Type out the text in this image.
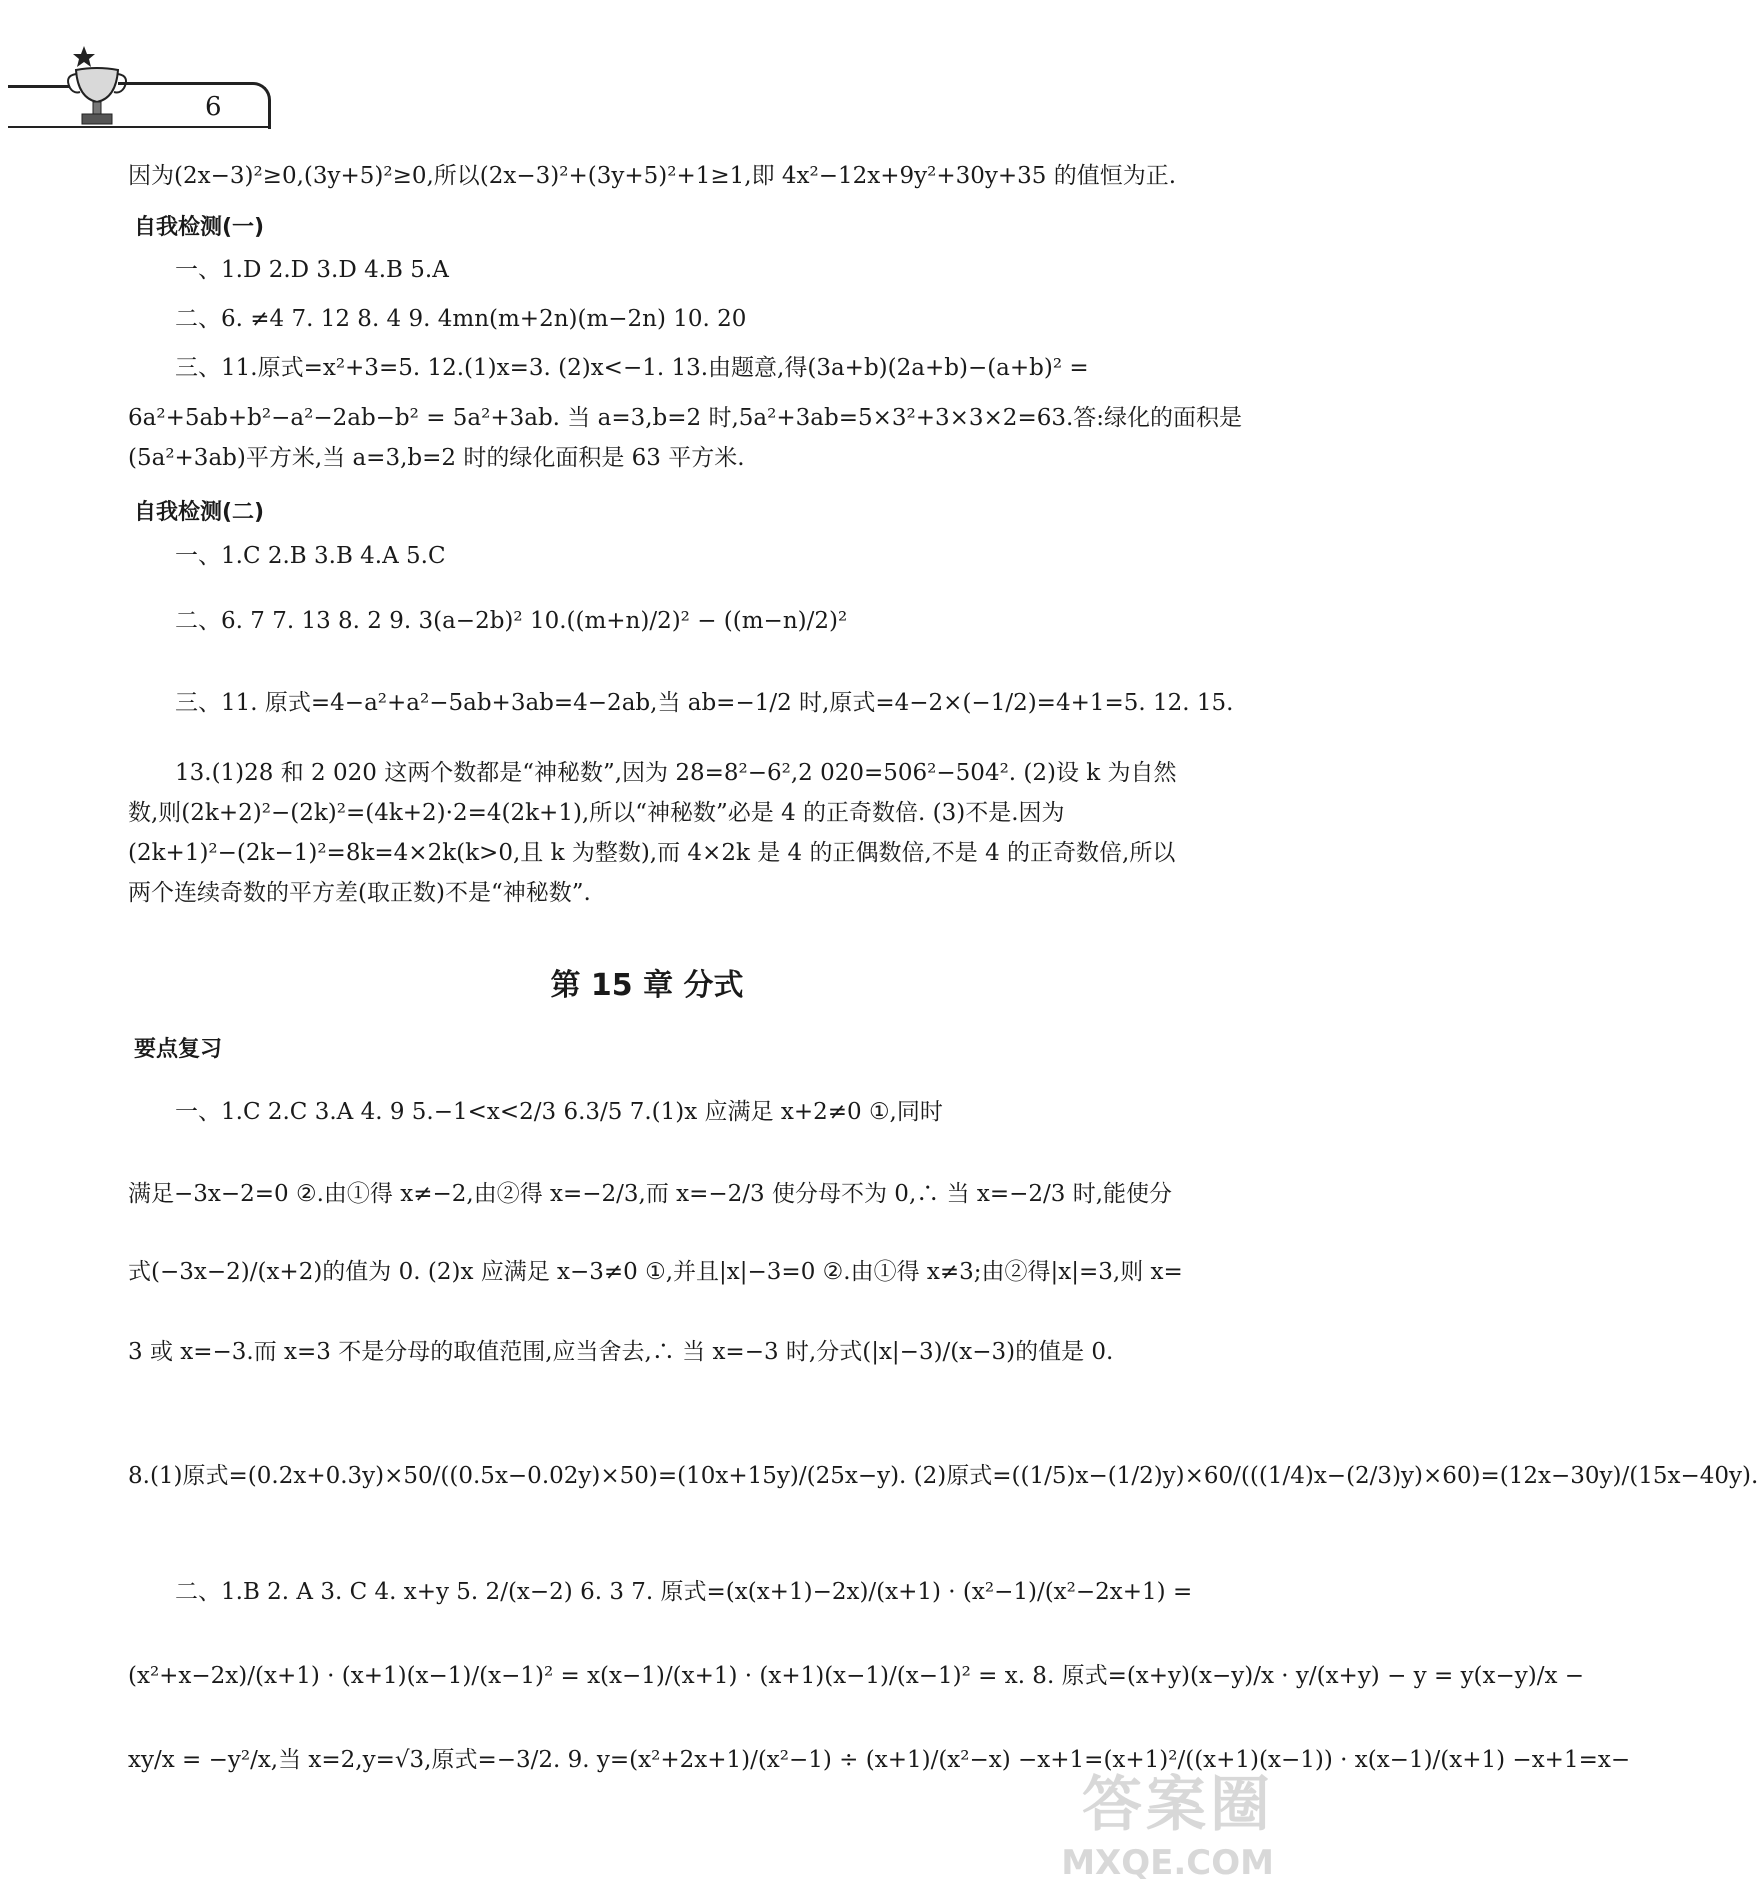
6
因为(2x−3)²≥0,(3y+5)²≥0,所以(2x−3)²+(3y+5)²+1≥1,即 4x²−12x+9y²+30y+35 的值恒为正.
自我检测(一)
一、1.D 2.D 3.D 4.B 5.A
二、6. ≠4 7. 12 8. 4 9. 4mn(m+2n)(m−2n) 10. 20
三、11.原式=x²+3=5. 12.(1)x=3. (2)x<−1. 13.由题意,得(3a+b)(2a+b)−(a+b)² =
6a²+5ab+b²−a²−2ab−b² = 5a²+3ab. 当 a=3,b=2 时,5a²+3ab=5×3²+3×3×2=63.答:绿化的面积是
(5a²+3ab)平方米,当 a=3,b=2 时的绿化面积是 63 平方米.
自我检测(二)
一、1.C 2.B 3.B 4.A 5.C
二、6. 7 7. 13 8. 2 9. 3(a−2b)² 10.((m+n)/2)² − ((m−n)/2)²
三、11. 原式=4−a²+a²−5ab+3ab=4−2ab,当 ab=−1/2 时,原式=4−2×(−1/2)=4+1=5. 12. 15.
13.(1)28 和 2 020 这两个数都是“神秘数”,因为 28=8²−6²,2 020=506²−504². (2)设 k 为自然
数,则(2k+2)²−(2k)²=(4k+2)·2=4(2k+1),所以“神秘数”必是 4 的正奇数倍. (3)不是.因为
(2k+1)²−(2k−1)²=8k=4×2k(k>0,且 k 为整数),而 4×2k 是 4 的正偶数倍,不是 4 的正奇数倍,所以
两个连续奇数的平方差(取正数)不是“神秘数”.
第 15 章 分式
要点复习
一、1.C 2.C 3.A 4. 9 5.−1<x<2/3 6.3/5 7.(1)x 应满足 x+2≠0 ①,同时
满足−3x−2=0 ②.由①得 x≠−2,由②得 x=−2/3,而 x=−2/3 使分母不为 0,∴ 当 x=−2/3 时,能使分
式(−3x−2)/(x+2)的值为 0. (2)x 应满足 x−3≠0 ①,并且|x|−3=0 ②.由①得 x≠3;由②得|x|=3,则 x=
3 或 x=−3.而 x=3 不是分母的取值范围,应当舍去,∴ 当 x=−3 时,分式(|x|−3)/(x−3)的值是 0.
8.(1)原式=(0.2x+0.3y)×50/((0.5x−0.02y)×50)=(10x+15y)/(25x−y). (2)原式=((1/5)x−(1/2)y)×60/(((1/4)x−(2/3)y)×60)=(12x−30y)/(15x−40y).
二、1.B 2. A 3. C 4. x+y 5. 2/(x−2) 6. 3 7. 原式=(x(x+1)−2x)/(x+1) · (x²−1)/(x²−2x+1) =
(x²+x−2x)/(x+1) · (x+1)(x−1)/(x−1)² = x(x−1)/(x+1) · (x+1)(x−1)/(x−1)² = x. 8. 原式=(x+y)(x−y)/x · y/(x+y) − y = y(x−y)/x −
xy/x = −y²/x,当 x=2,y=√3,原式=−3/2. 9. y=(x²+2x+1)/(x²−1) ÷ (x+1)/(x²−x) −x+1=(x+1)²/((x+1)(x−1)) · x(x−1)/(x+1) −x+1=x−
答案圈
MXQE.COM
